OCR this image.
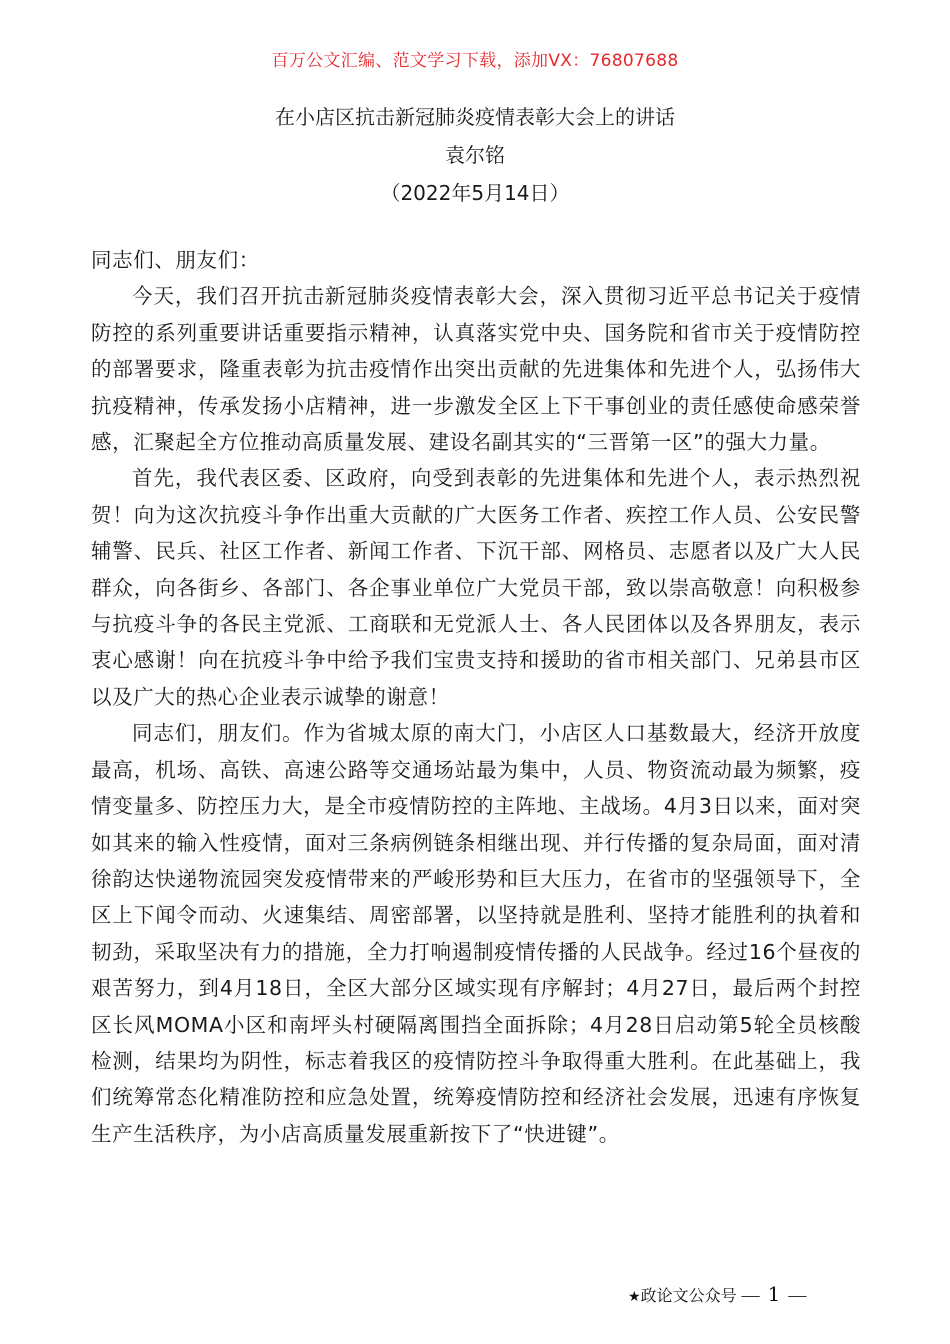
百万公文汇编、范文学习下载，添加VX：76807688
在小店区抗击新冠肺炎疫情表彰大会上的讲话
袁尔铭
（2022年5月14日）

同志们、朋友们：

今天，我们召开抗击新冠肺炎疫情表彰大会，深入贯彻习近平总书记关于疫情防控的系列重要讲话重要指示精神，认真落实党中央、国务院和省市关于疫情防控的部署要求，隆重表彰为抗击疫情作出突出贡献的先进集体和先进个人，弘扬伟大抗疫精神，传承发扬小店精神，进一步激发全区上下干事创业的责任感使命感荣誉感，汇聚起全方位推动高质量发展、建设名副其实的“三晋第一区”的强大力量。

首先，我代表区委、区政府，向受到表彰的先进集体和先进个人，表示热烈祝贺！向为这次抗疫斗争作出重大贡献的广大医务工作者、疾控工作人员、公安民警辅警、民兵、社区工作者、新闻工作者、下沉干部、网格员、志愿者以及广大人民群众，向各街乡、各部门、各企事业单位广大党员干部，致以崇高敬意！向积极参与抗疫斗争的各民主党派、工商联和无党派人士、各人民团体以及各界朋友，表示衷心感谢！向在抗疫斗争中给予我们宝贵支持和援助的省市相关部门、兄弟县市区以及广大的热心企业表示诚挚的谢意！

同志们，朋友们。作为省城太原的南大门，小店区人口基数最大，经济开放度最高，机场、高铁、高速公路等交通场站最为集中，人员、物资流动最为频繁，疫情变量多、防控压力大，是全市疫情防控的主阵地、主战场。4月3日以来，面对突如其来的输入性疫情，面对三条病例链条相继出现、并行传播的复杂局面，面对清徐韵达快递物流园突发疫情带来的严峻形势和巨大压力，在省市的坚强领导下，全区上下闻令而动、火速集结、周密部署，以坚持就是胜利、坚持才能胜利的执着和韧劲，采取坚决有力的措施，全力打响遏制疫情传播的人民战争。经过16个昼夜的艰苦努力，到4月18日，全区大部分区域实现有序解封；4月27日，最后两个封控区长风MOMA小区和南坪头村硬隔离围挡全面拆除；4月28日启动第5轮全员核酸检测，结果均为阴性，标志着我区的疫情防控斗争取得重大胜利。在此基础上，我们统筹常态化精准防控和应急处置，统筹疫情防控和经济社会发展，迅速有序恢复生产生活秩序，为小店高质量发展重新按下了“快进键”。

★政论文公众号 — 1 —
